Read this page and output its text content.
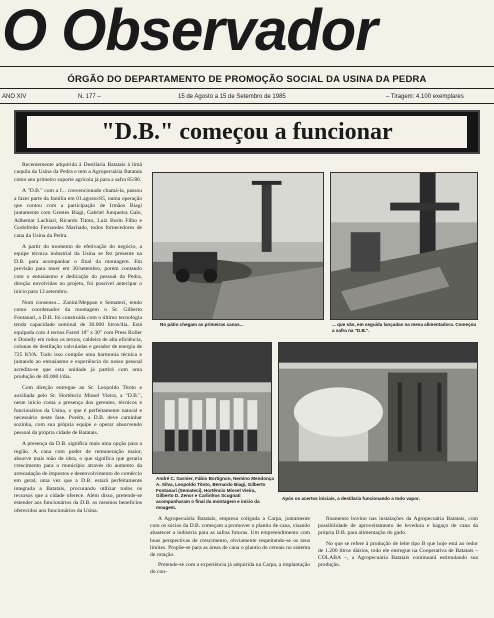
O Observador
ÓRGÃO DO DEPARTAMENTO DE PROMOÇÃO SOCIAL DA USINA DA PEDRA
ANO XIV	N. 177 –	15 de Agosto a 15 de Setembro de 1985	– Tiragem: 4.100 exemplares
"D.B." começou a funcionar

Recentemente adquirida à Destilaria Batatais à limã caquila da Usina da Pedra e tem a Agropecuária Batatais como seu primeiro suporte agrícola já para a safra 85/86.

A "D.B." com a f... convencionado chamá-la, passou a fazer parte da família em 01.agosto/85, numa operação que contou com a participação de Irmãos Biagi juntamente com Grestes Biagi, Gabriel Junqueira Galo, Adhemar Lachiari, Ricardo Titoto, Luiz Borin Filho e Godofredo Fernandes Machado, todos fornecedores de cana da Usina da Pedra.

A partir do momento de efetivação do negócio, a equipe técnica industrial da Usina se fez presente na D.B. para acompanhar o final da montagem. Em previsão para moer em 30/setembro, porém contando com o entusiasmo e dedicação do pessoal da Pedra, direção envolvidas no projeto, foi possível antecipar o início para 12.setembro.

Num consenso... Zanini/Meppan e Semateci, tendo como coordenador da montagem o Sr. Gilberto Fontanari, a D.B. foi construída com o último tecnologia tendo capacidade nominal de 30.000 litros/dia. Está equipada com 4 ternos Farrel 18" x 30" com Press Roller e Donelly em todos os ternos, caldeira de alta eficiência, colunas de destilação valvuladas e gerador de energia de 725 KVA. Tudo isso compõe uma harmonia técnica e juntando ao entusiasmo e experiência do nosso pessoal acredita-se que esta unidade já partirá com uma produção de 40.000 l/dia.

Com direção entregue ao Sr. Leopoldo Titoto e auxiliada pelo Sr. Hortêncio Missel Vieira, a "D.B.", neste início conta a presença dos gerentes, técnicos e funcionários da Usina, o que é perfeitamente natural e necessário neste fase. Porém, a D.B. deve caminhar sozinha, com sua própria equipe e operar absorvendo pessoal da própria cidade de Batatais.

A presença da D.B. significa mais uma opção para a região. A cana com poder de remuneração maior, absorve mais mão de obra, o que significa que geraria crescimento para o município através do aumento da arrecadação de impostos e desenvolvimento do comércio em geral, uma vez que a D.B. estará perfeitamente integrada a Batatais, procurando utilizar todos os recursos que a cidade oferece. Além disso, pretende-se estender aos funcionários da D.B. os mesmos benefícios oferecidos aos funcionários da Usina.

No pátio chegam as primeiras canas...	... que são, em seguida lançadas na mesa alimentadora. Começou a safra na "D.B.".
André C. Garnier, Fábio Bortignon, Nemino Mendonça A. Silva, Leopoldo Titoto, Bernardo Biagi, Gilberto Fontanari (Semateci), Hortêncio Missel Vieira, Gilberto D. Zenor e Carlinhos Scugnati acompanharam o final da montagem e início da moagem.
Após os acertos iniciais, a destilaria funcionando a todo vapor.

A Agropecuária Batatais, empresa coligada a Carpa, juntamente com os sócios da D.B. começam a promover o plantio de cana, visando abastecer a indústria para as safras futuras. Um empreendimento com boas perspectivas de crescimento, obviamente respeitando-se os seus limites. Propõe-se para as áreas de cana o plantio de cereais no sistema de rotação.

Pretende-se com a experiência já adquirida na Carpa, a implantação do con-

finamento bovino nas instalações da Agropecuária Batatais, com possibilidade de aproveitamento de levedura e bagaço de cana da própria D.B. para alimentação do gado.

No que se refere à produção de leite tipo B que hoje está ao redor de 1.200 litros diários, todo ele entregue na Cooperativa de Batatais – COLABA –, a Agropecuária Batatais continuará estimulando sua produção.
